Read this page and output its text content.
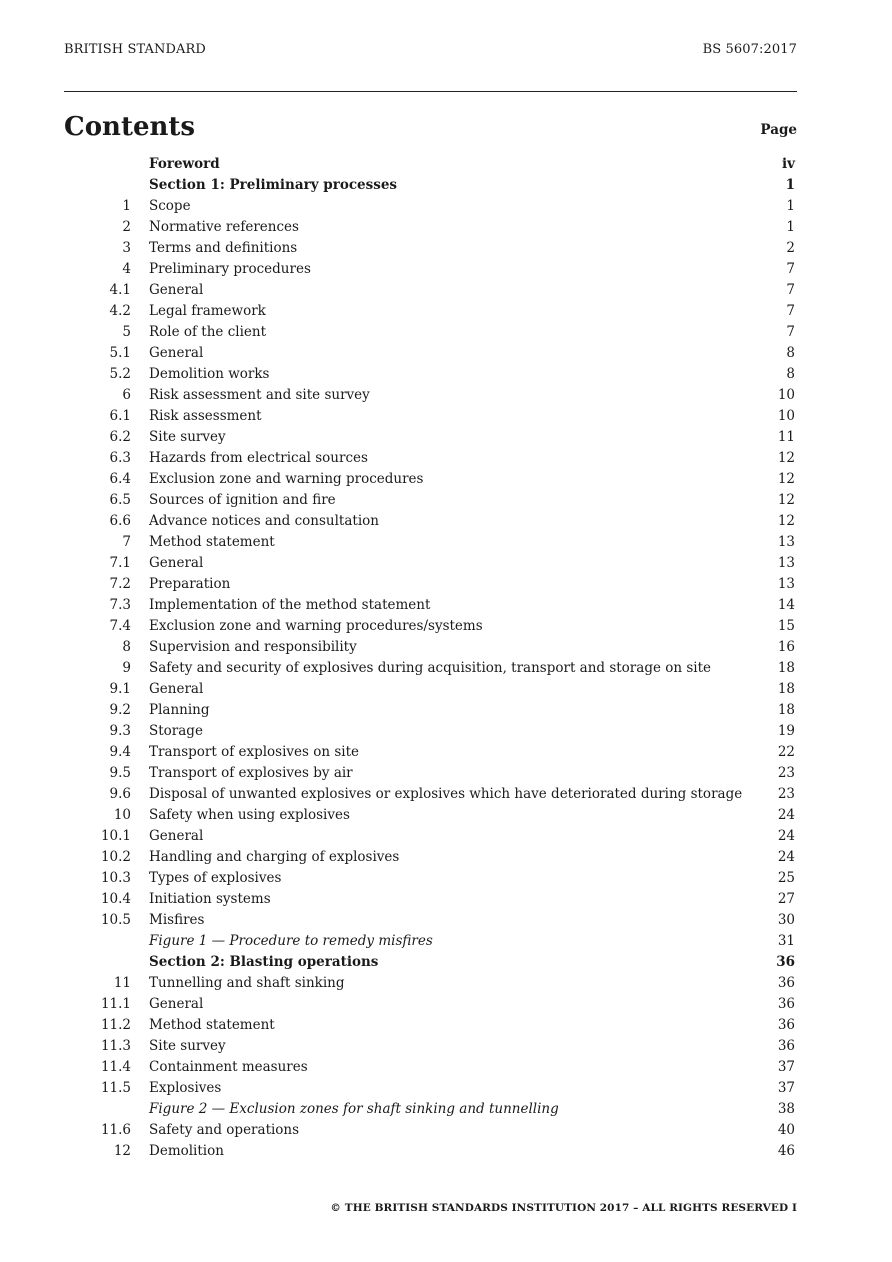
BRITISH STANDARD	BS 5607:2017
Contents	Page
Foreword	iv
Section 1: Preliminary processes	1
1 Scope	1
2 Normative references	1
3 Terms and definitions	2
4 Preliminary procedures	7
4.1 General	7
4.2 Legal framework	7
5 Role of the client	7
5.1 General	8
5.2 Demolition works	8
6 Risk assessment and site survey	10
6.1 Risk assessment	10
6.2 Site survey	11
6.3 Hazards from electrical sources	12
6.4 Exclusion zone and warning procedures	12
6.5 Sources of ignition and fire	12
6.6 Advance notices and consultation	12
7 Method statement	13
7.1 General	13
7.2 Preparation	13
7.3 Implementation of the method statement	14
7.4 Exclusion zone and warning procedures/systems	15
8 Supervision and responsibility	16
9 Safety and security of explosives during acquisition, transport and storage on site	18
9.1 General	18
9.2 Planning	18
9.3 Storage	19
9.4 Transport of explosives on site	22
9.5 Transport of explosives by air	23
9.6 Disposal of unwanted explosives or explosives which have deteriorated during storage	23
10 Safety when using explosives	24
10.1 General	24
10.2 Handling and charging of explosives	24
10.3 Types of explosives	25
10.4 Initiation systems	27
10.5 Misfires	30
Figure 1 — Procedure to remedy misfires	31
Section 2: Blasting operations	36
11 Tunnelling and shaft sinking	36
11.1 General	36
11.2 Method statement	36
11.3 Site survey	36
11.4 Containment measures	37
11.5 Explosives	37
Figure 2 — Exclusion zones for shaft sinking and tunnelling	38
11.6 Safety and operations	40
12 Demolition	46
© THE BRITISH STANDARDS INSTITUTION 2017 – ALL RIGHTS RESERVED I
